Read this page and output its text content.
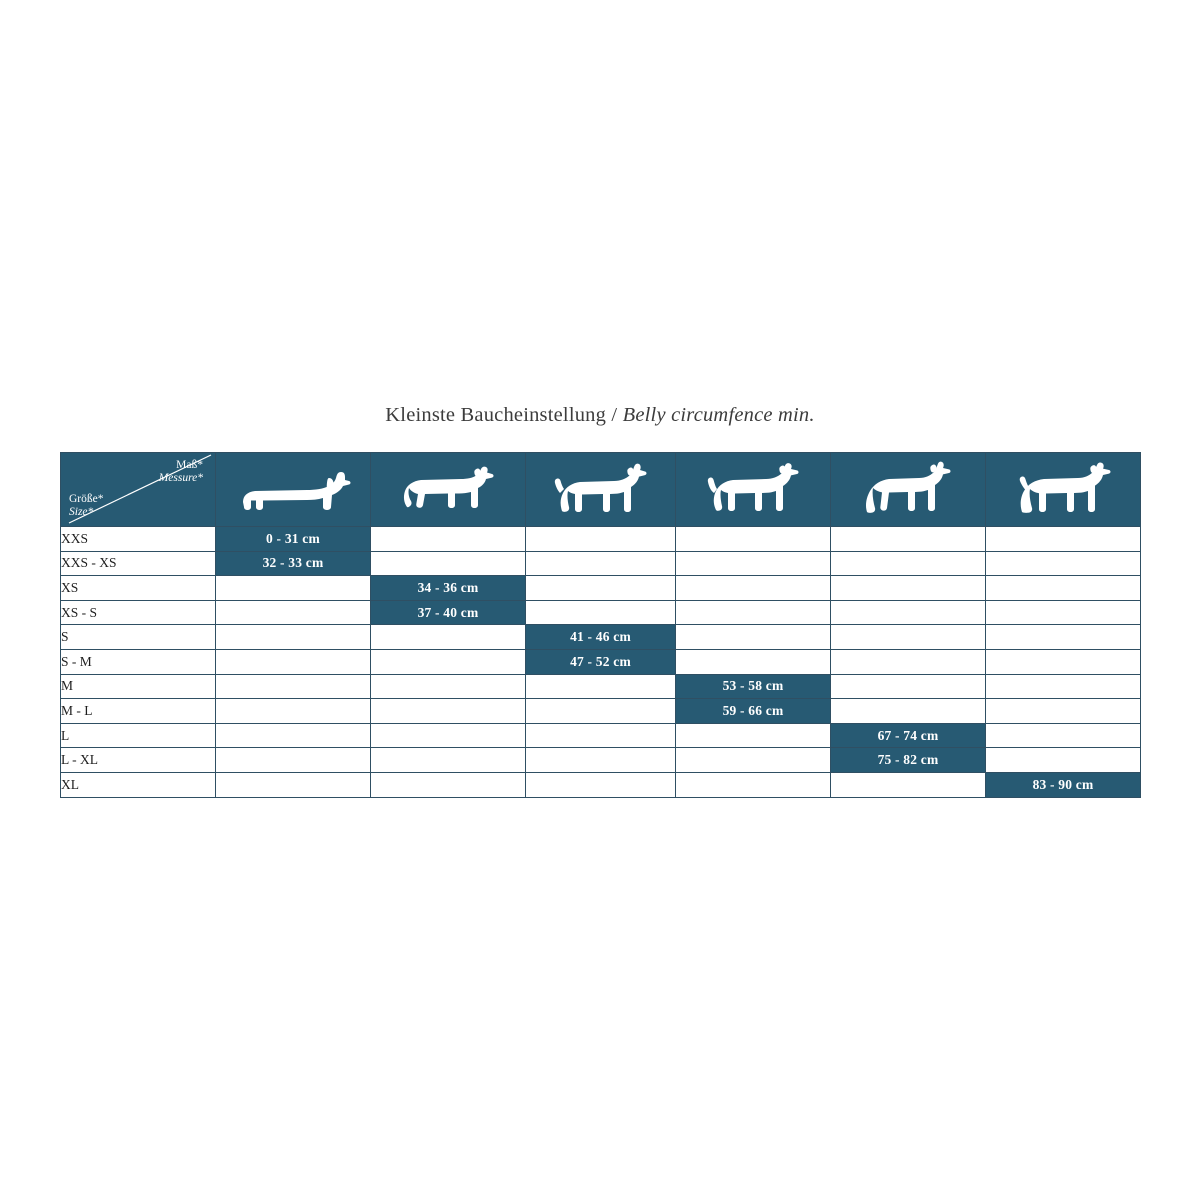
Kleinste Baucheinstellung / Belly circumfence min.
Maß*
Messure*
Größe*
Size*

XXS	0 - 31 cm					
XXS - XS	32 - 33 cm					
XS		34 - 36 cm				
XS - S		37 - 40 cm				
S			41 - 46 cm			
S - M			47 - 52 cm			
M				53 - 58 cm		
M - L				59 - 66 cm		
L					67 - 74 cm	
L - XL					75 - 82 cm	
XL						83 - 90 cm
